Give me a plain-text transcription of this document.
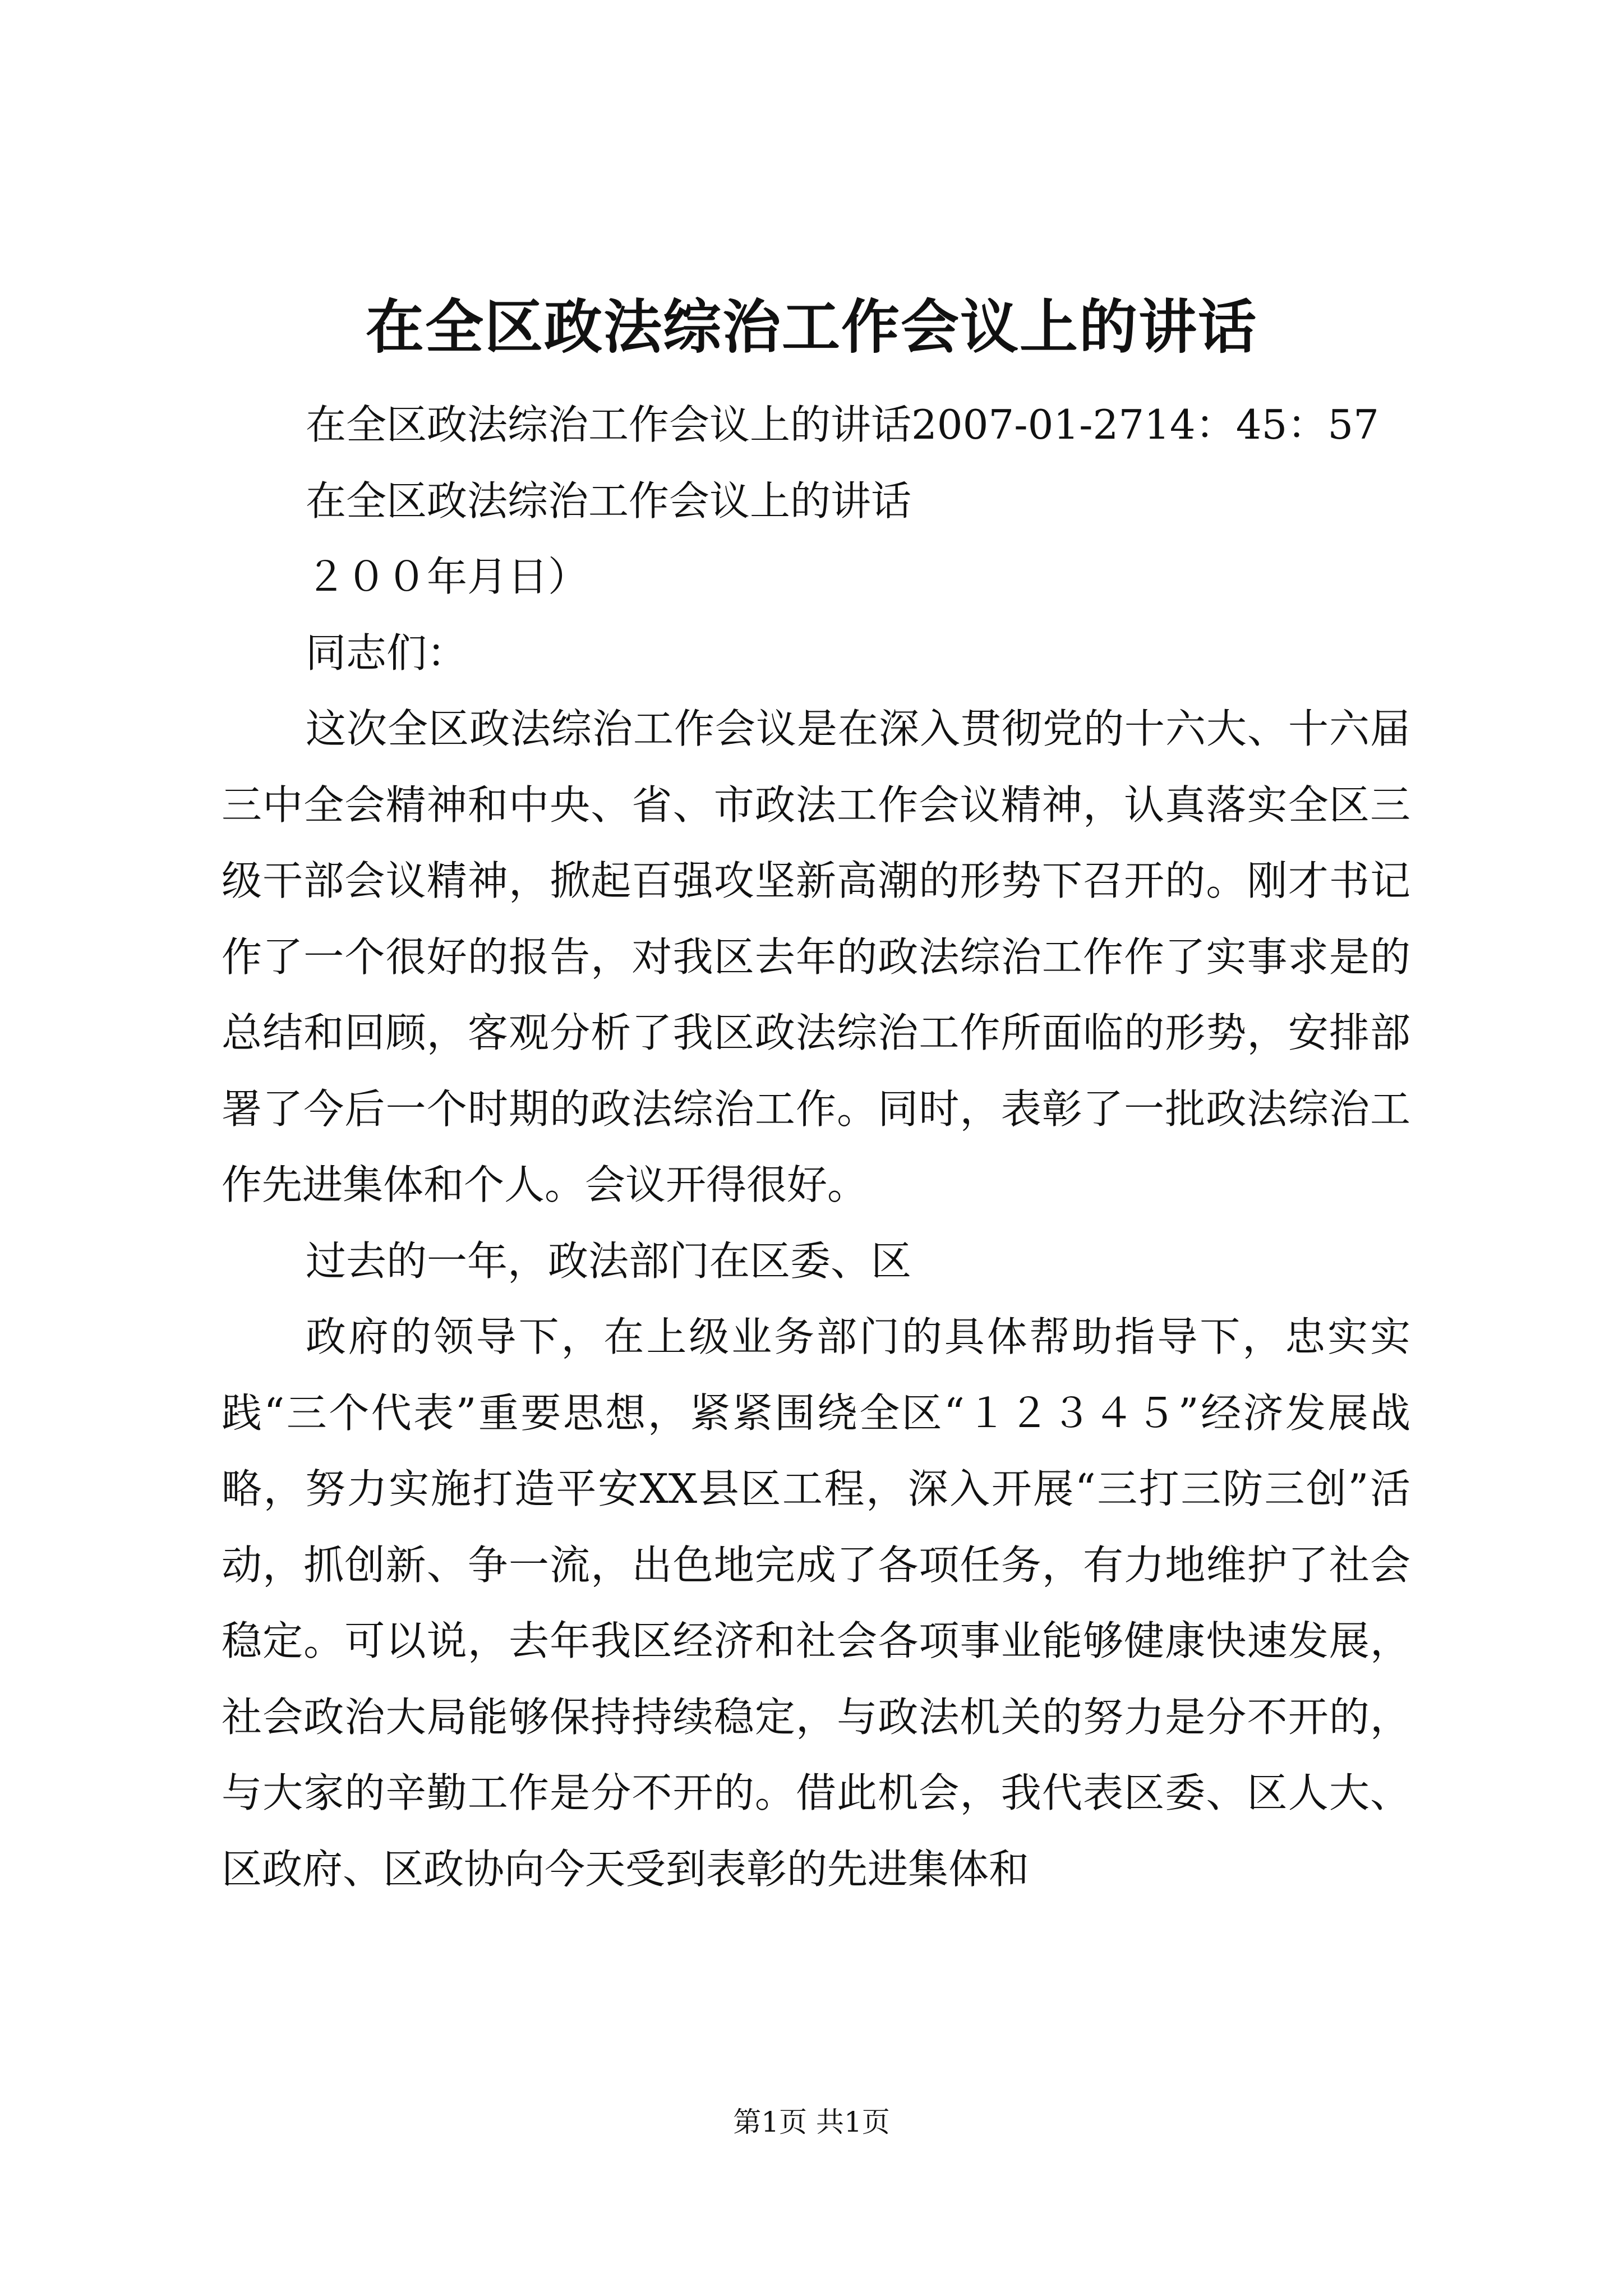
在全区政法综治工作会议上的讲话

在全区政法综治工作会议上的讲话2007-01-2714：45：57

在全区政法综治工作会议上的讲话

２００年月日）

同志们：

这次全区政法综治工作会议是在深入贯彻党的十六大、十六届三中全会精神和中央、省、市政法工作会议精神，认真落实全区三级干部会议精神，掀起百强攻坚新高潮的形势下召开的。刚才书记作了一个很好的报告，对我区去年的政法综治工作作了实事求是的总结和回顾，客观分析了我区政法综治工作所面临的形势，安排部署了今后一个时期的政法综治工作。同时，表彰了一批政法综治工作先进集体和个人。会议开得很好。

过去的一年，政法部门在区委、区

政府的领导下，在上级业务部门的具体帮助指导下，忠实实践“三个代表”重要思想，紧紧围绕全区“１２３４５”经济发展战略，努力实施打造平安XX县区工程，深入开展“三打三防三创”活动，抓创新、争一流，出色地完成了各项任务，有力地维护了社会稳定。可以说，去年我区经济和社会各项事业能够健康快速发展，社会政治大局能够保持持续稳定，与政法机关的努力是分不开的，与大家的辛勤工作是分不开的。借此机会，我代表区委、区人大、区政府、区政协向今天受到表彰的先进集体和

第1页 共1页
